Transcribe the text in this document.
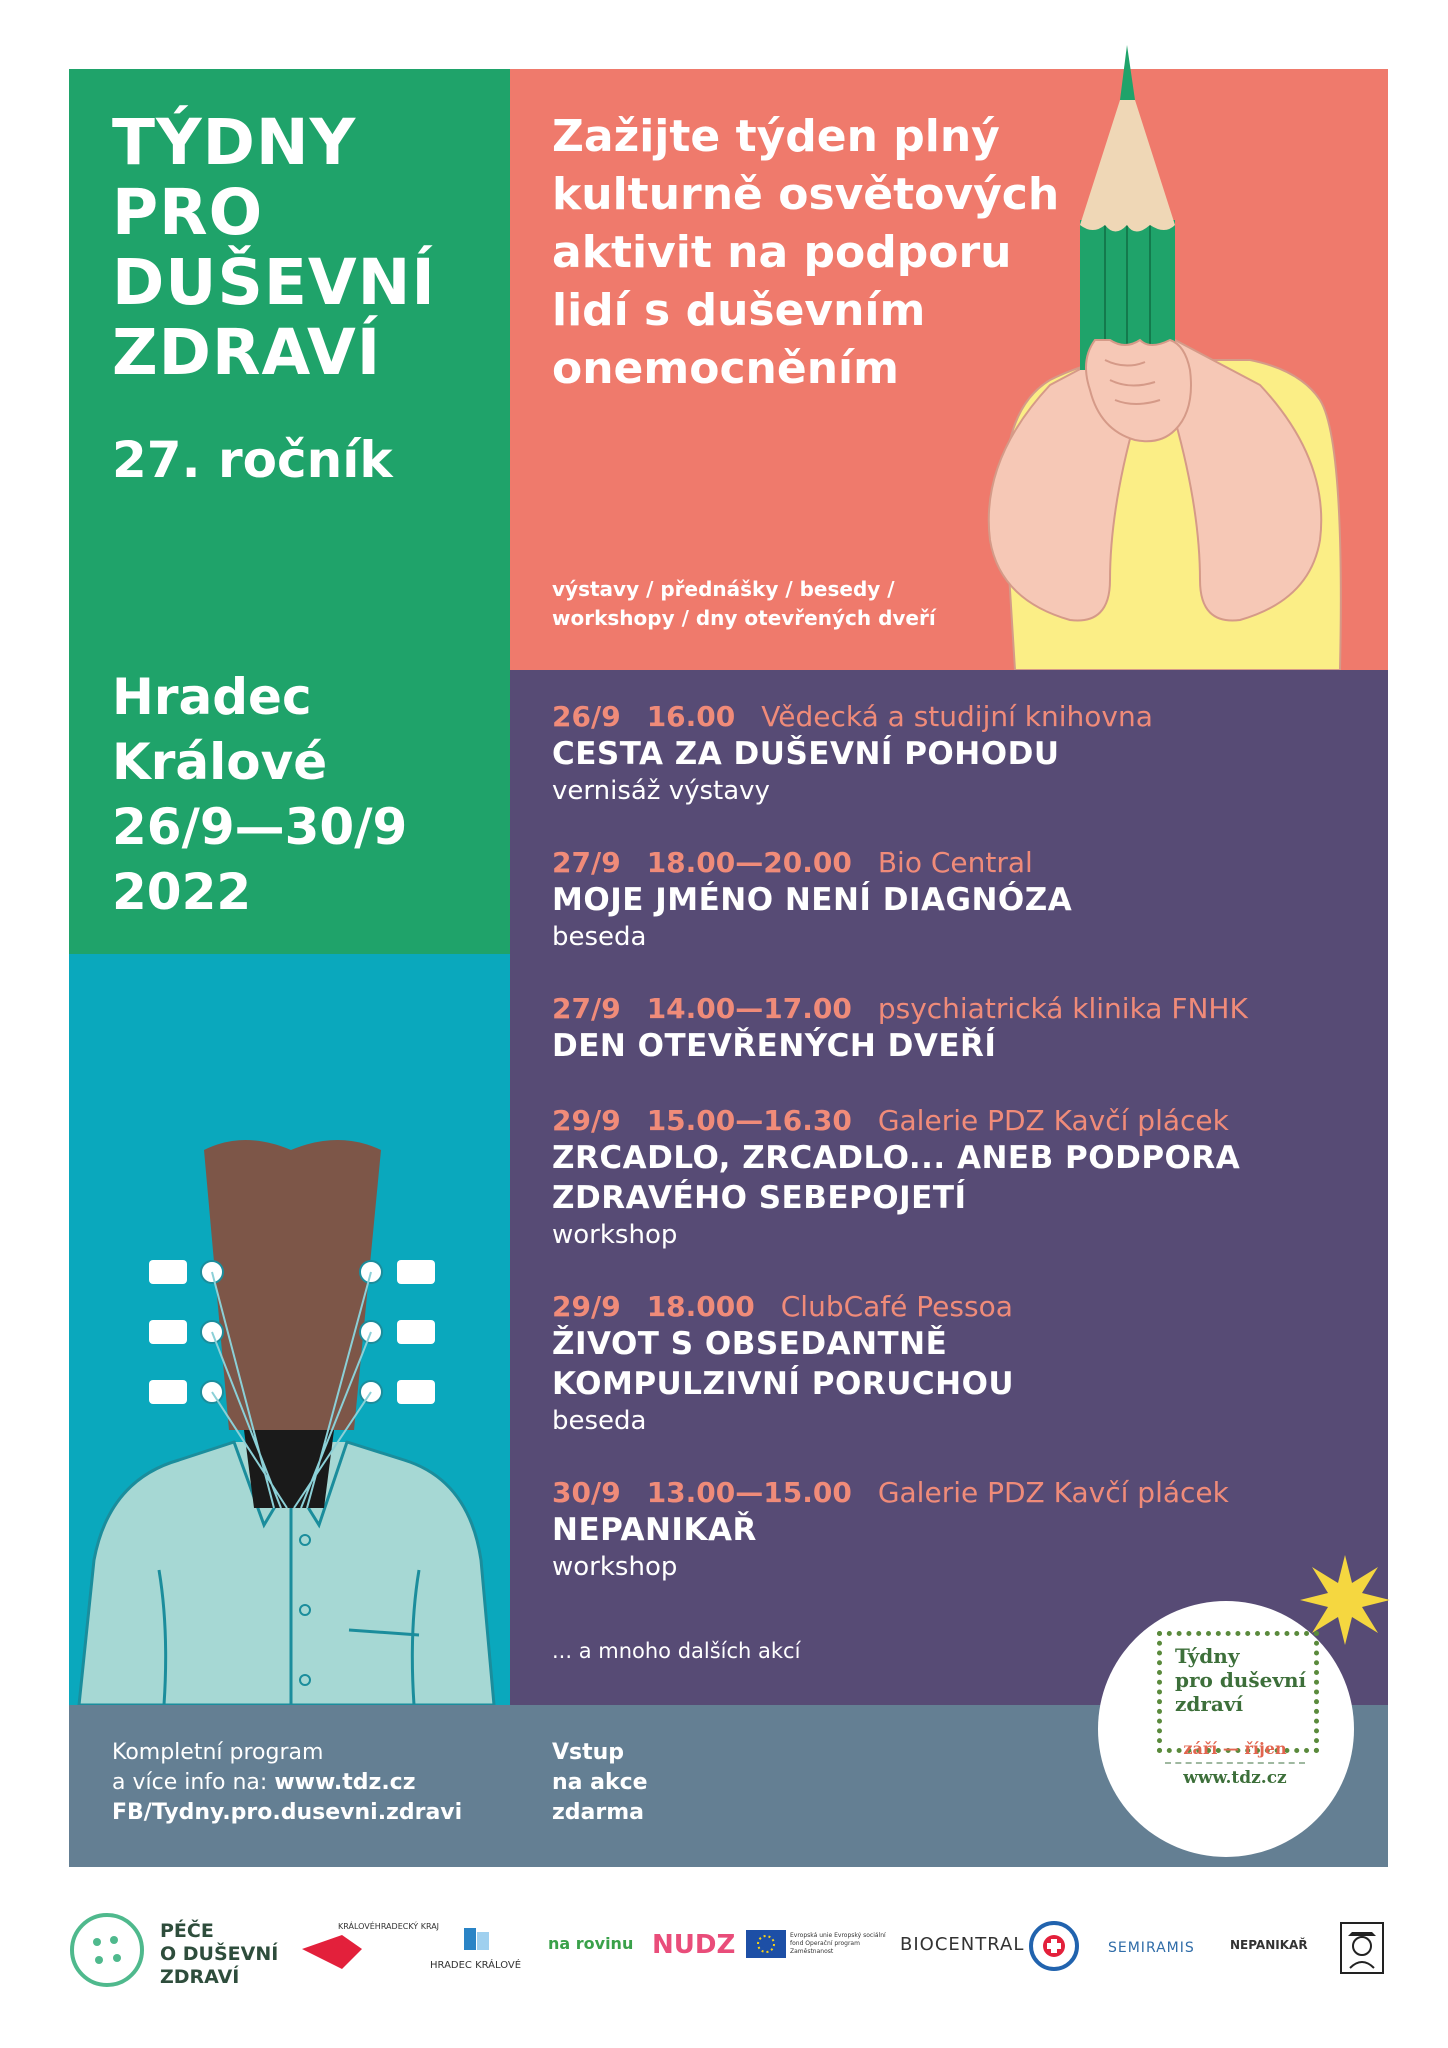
TÝDNY
PRO
DUŠEVNÍ
ZDRAVÍ
27. ročník
Hradec
Králové
26/9—30/9
2022
Zažijte týden plný
kulturně osvětových
aktivit na podporu
lidí s duševním
onemocněním
výstavy / přednášky / besedy /
workshopy / dny otevřených dveří
26/9 16.00 Vědecká a studijní knihovna
CESTA ZA DUŠEVNÍ POHODU
vernisáž výstavy
27/9 18.00—20.00 Bio Central
MOJE JMÉNO NENÍ DIAGNÓZA
beseda
27/9 14.00—17.00 psychiatrická klinika FNHK
DEN OTEVŘENÝCH DVEŘÍ
29/9 15.00—16.30 Galerie PDZ Kavčí plácek
ZRCADLO, ZRCADLO... ANEB PODPORA
ZDRAVÉHO SEBEPOJETÍ
workshop
29/9 18.000 ClubCafé Pessoa
ŽIVOT S OBSEDANTNĚ
KOMPULZIVNÍ PORUCHOU
beseda
30/9 13.00—15.00 Galerie PDZ Kavčí plácek
NEPANIKAŘ
workshop
... a mnoho dalších akcí
Kompletní program
a více info na: www.tdz.cz
FB/Tydny.pro.dusevni.zdravi
Vstup
na akce
zdarma
Týdny
pro duševní
zdraví
září — říjen
www.tdz.cz
PÉČE
O DUŠEVNÍ
ZDRAVÍ
KRÁLOVÉHRADECKÝ KRAJ
HRADEC KRÁLOVÉ
na rovinu NUDZ	Evropská unie Evropský sociální fond Operační program Zaměstnanost	BIOCENTRAL	SEMIRAMIS	NEPANIKAŘ
